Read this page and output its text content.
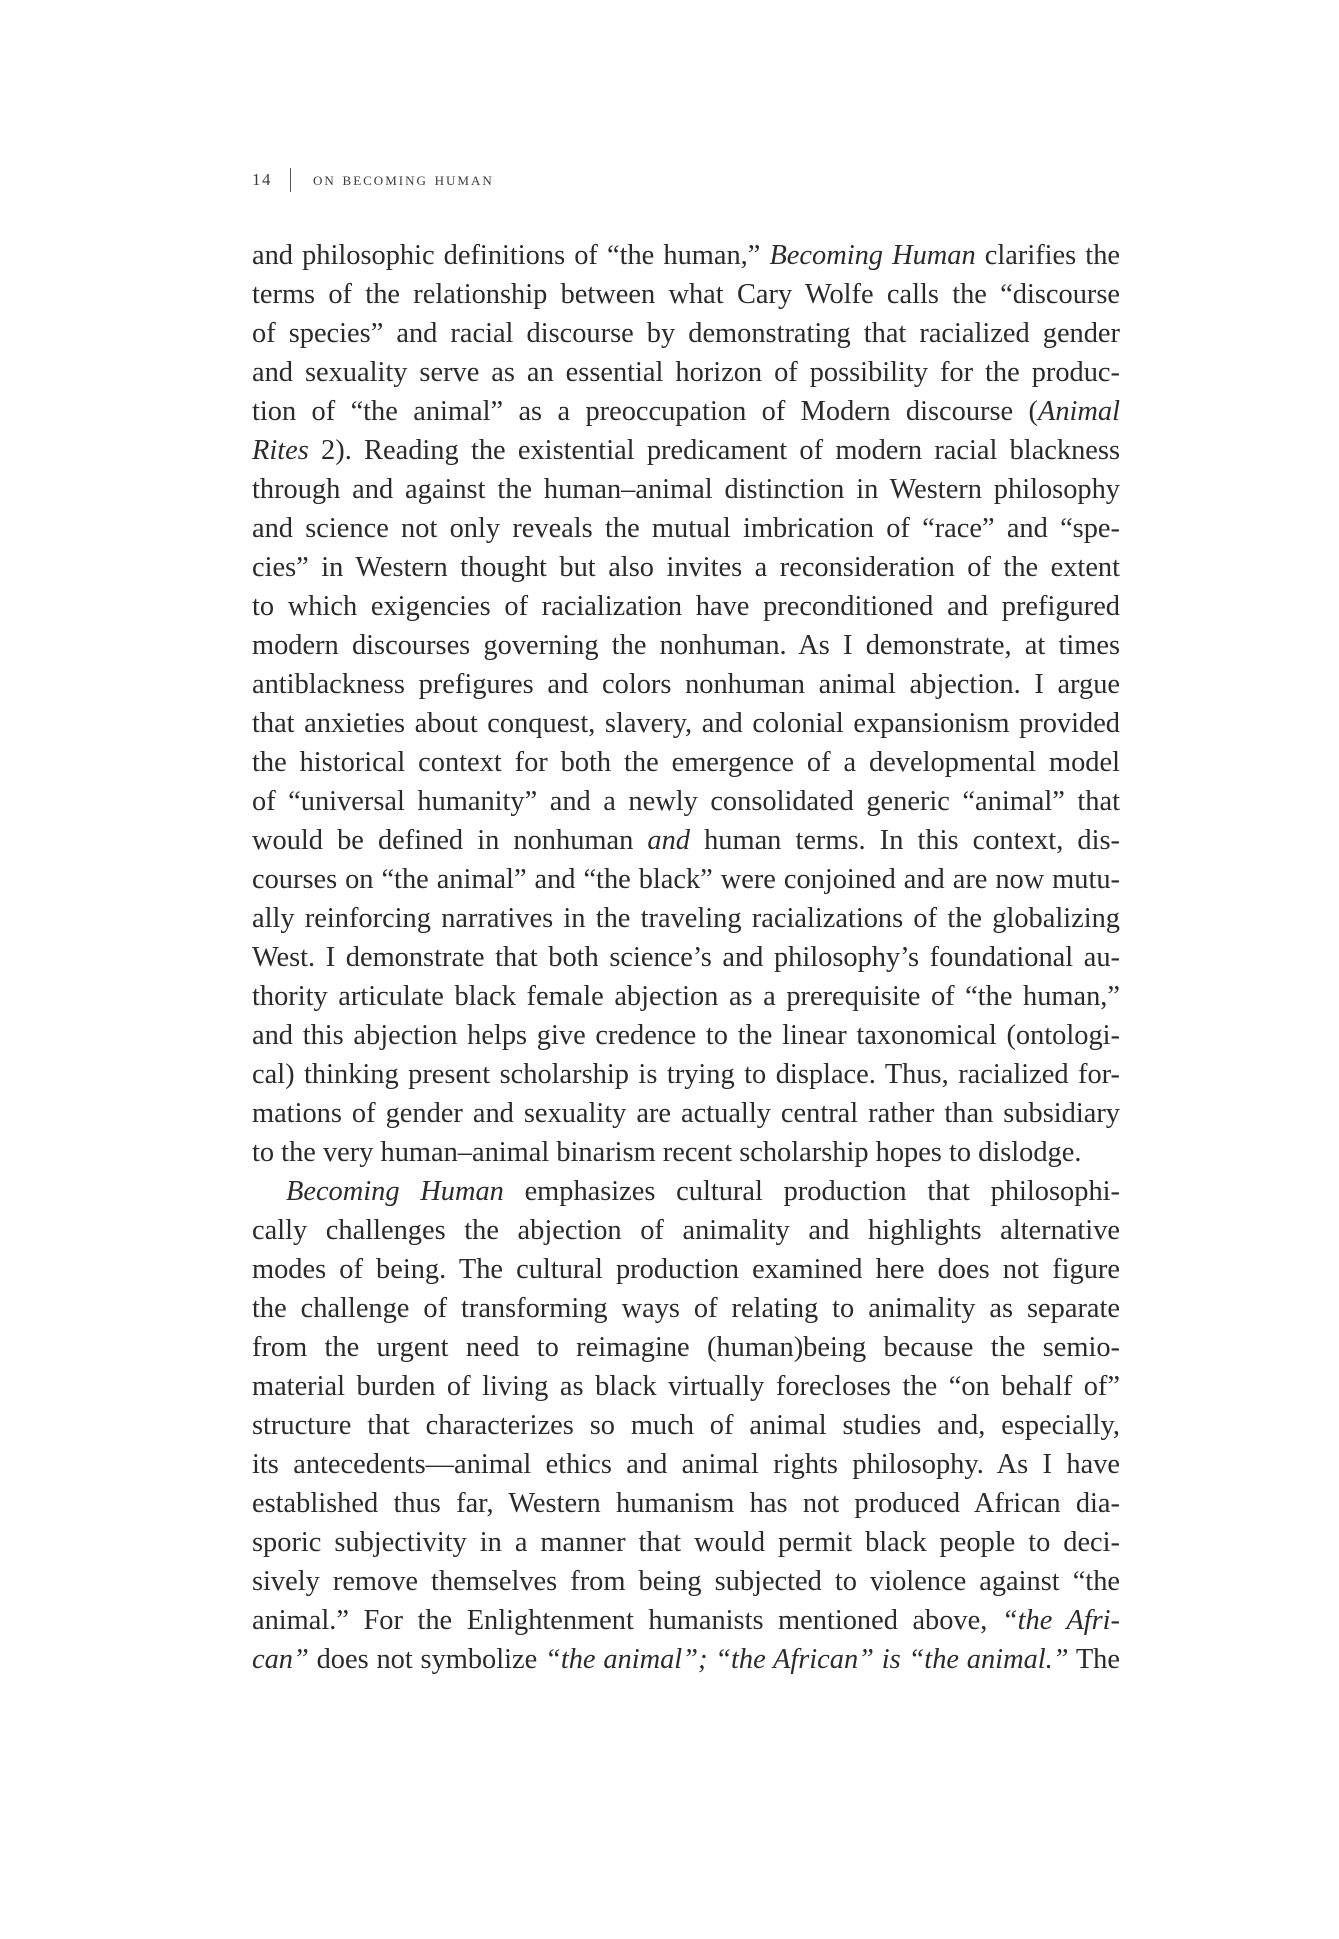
14 on becoming human
and philosophic definitions of “the human,” Becoming Human clarifies the
terms of the relationship between what Cary Wolfe calls the “discourse
of species” and racial discourse by demonstrating that racialized gender
and sexuality serve as an essential horizon of possibility for the produc-
tion of “the animal” as a preoccupation of Modern discourse (Animal
Rites 2). Reading the existential predicament of modern racial blackness
through and against the human–animal distinction in Western philosophy
and science not only reveals the mutual imbrication of “race” and “spe-
cies” in Western thought but also invites a reconsideration of the extent
to which exigencies of racialization have preconditioned and prefigured
modern discourses governing the nonhuman. As I demonstrate, at times
antiblackness prefigures and colors nonhuman animal abjection. I argue
that anxieties about conquest, slavery, and colonial expansionism provided
the historical context for both the emergence of a developmental model
of “universal humanity” and a newly consolidated generic “animal” that
would be defined in nonhuman and human terms. In this context, dis-
courses on “the animal” and “the black” were conjoined and are now mutu-
ally reinforcing narratives in the traveling racializations of the globalizing
West. I demonstrate that both science’s and philosophy’s foundational au-
thority articulate black female abjection as a prerequisite of “the human,”
and this abjection helps give credence to the linear taxonomical (ontologi-
cal) thinking present scholarship is trying to displace. Thus, racialized for-
mations of gender and sexuality are actually central rather than subsidiary
to the very human–animal binarism recent scholarship hopes to dislodge.
Becoming Human emphasizes cultural production that philosophi-
cally challenges the abjection of animality and highlights alternative
modes of being. The cultural production examined here does not figure
the challenge of transforming ways of relating to animality as separate
from the urgent need to reimagine (human)being because the semio-
material burden of living as black virtually forecloses the “on behalf of”
structure that characterizes so much of animal studies and, especially,
its antecedents—animal ethics and animal rights philosophy. As I have
established thus far, Western humanism has not produced African dia-
sporic subjectivity in a manner that would permit black people to deci-
sively remove themselves from being subjected to violence against “the
animal.” For the Enlightenment humanists mentioned above, “the Afri-
can” does not symbolize “the animal”; “the African” is “the animal.” The
